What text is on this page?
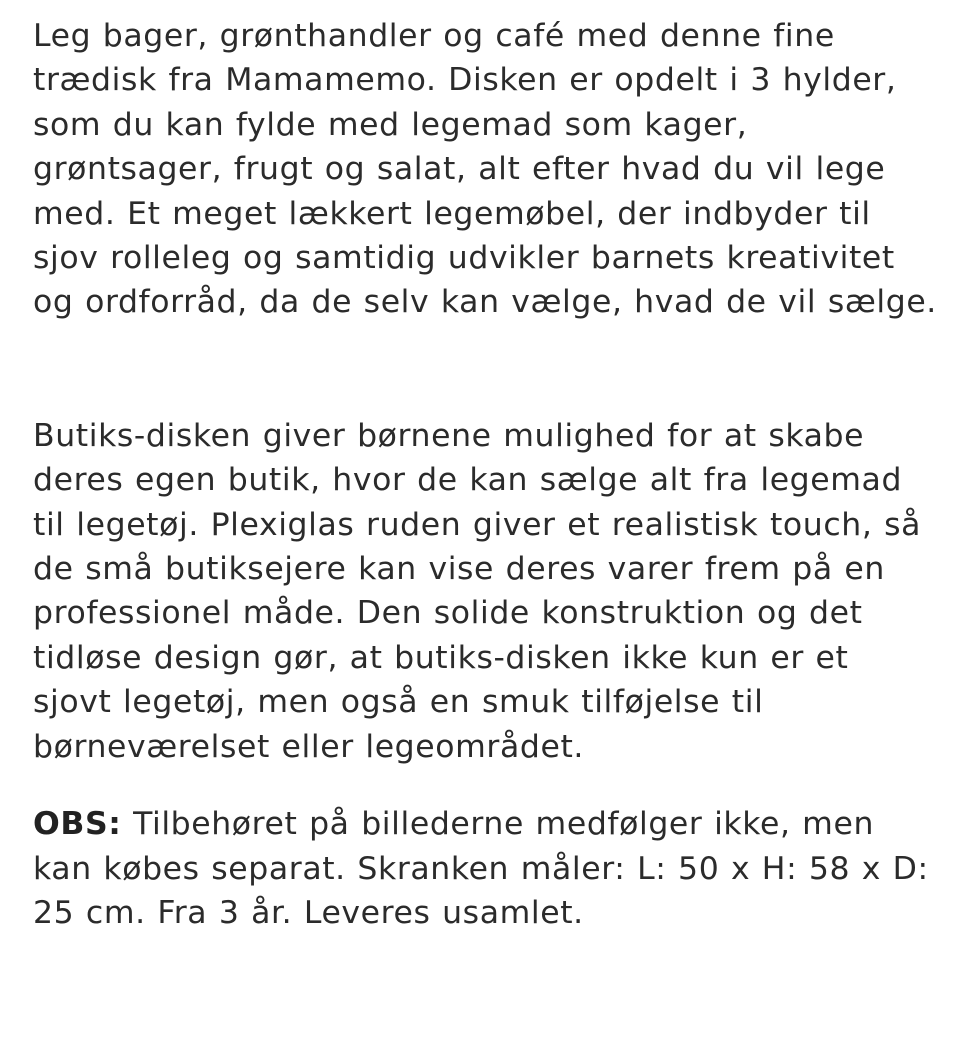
Leg bager, grønthandler og café med denne fine trædisk fra Mamamemo. Disken er opdelt i 3 hylder, som du kan fylde med legemad som kager, grøntsager, frugt og salat, alt efter hvad du vil lege med. Et meget lækkert legemøbel, der indbyder til sjov rolleleg og samtidig udvikler barnets kreativitet og ordforråd, da de selv kan vælge, hvad de vil sælge.

Butiks-disken giver børnene mulighed for at skabe deres egen butik, hvor de kan sælge alt fra legemad til legetøj. Plexiglas ruden giver et realistisk touch, så de små butiksejere kan vise deres varer frem på en professionel måde. Den solide konstruktion og det tidløse design gør, at butiks-disken ikke kun er et sjovt legetøj, men også en smuk tilføjelse til børneværelset eller legeområdet.

OBS: Tilbehøret på billederne medfølger ikke, men kan købes separat. Skranken måler: L: 50 x H: 58 x D: 25 cm. Fra 3 år. Leveres usamlet.
